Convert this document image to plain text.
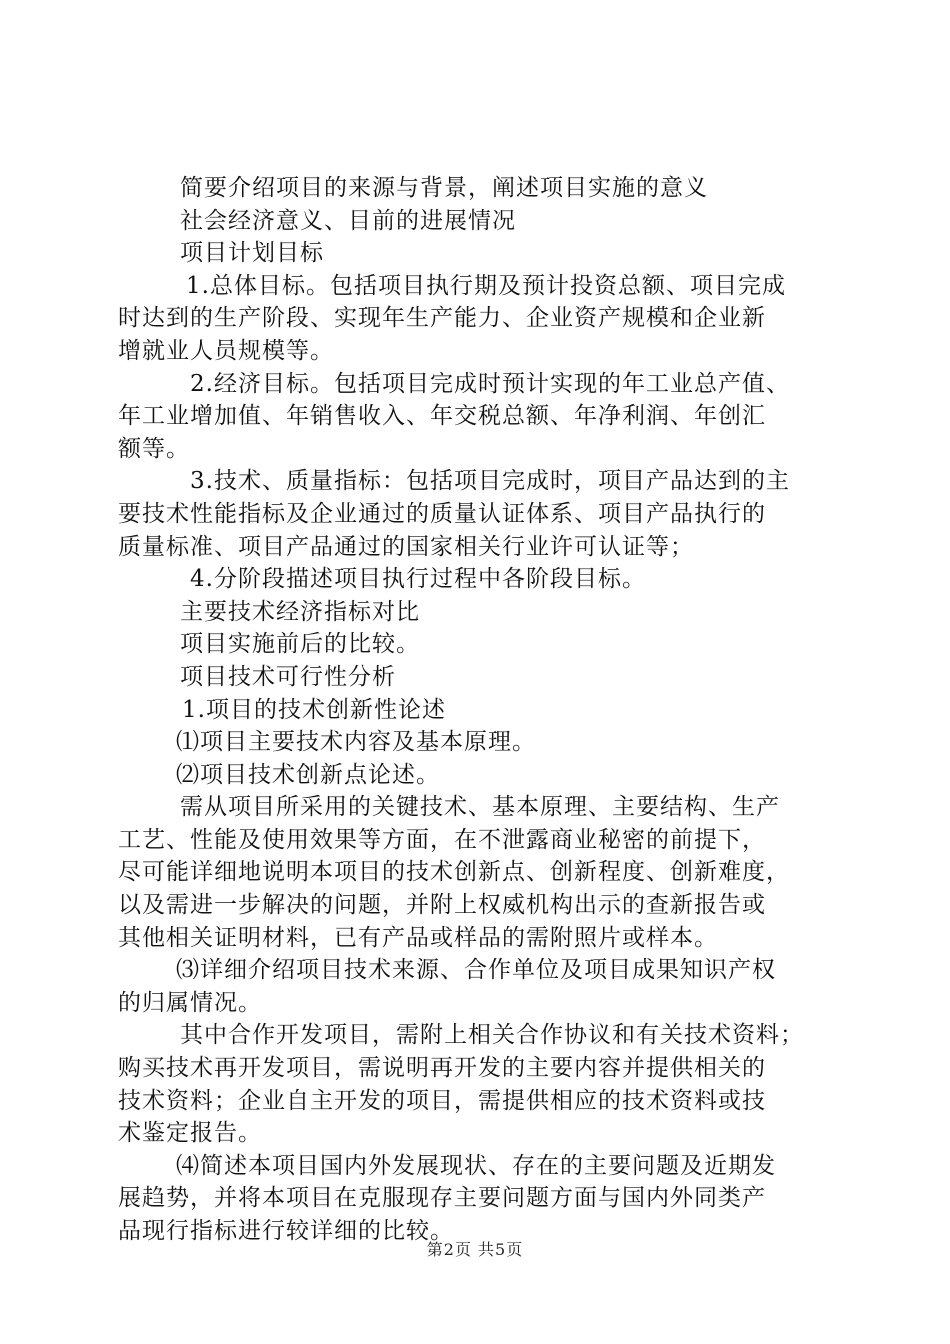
简要介绍项目的来源与背景，阐述项目实施的意义

社会经济意义、目前的进展情况

项目计划目标

1.总体目标。包括项目执行期及预计投资总额、项目完成

时达到的生产阶段、实现年生产能力、企业资产规模和企业新

增就业人员规模等。

2.经济目标。包括项目完成时预计实现的年工业总产值、

年工业增加值、年销售收入、年交税总额、年净利润、年创汇

额等。

3.技术、质量指标：包括项目完成时，项目产品达到的主

要技术性能指标及企业通过的质量认证体系、项目产品执行的

质量标准、项目产品通过的国家相关行业许可认证等；

4.分阶段描述项目执行过程中各阶段目标。

主要技术经济指标对比

项目实施前后的比较。

项目技术可行性分析

1.项目的技术创新性论述

⑴项目主要技术内容及基本原理。

⑵项目技术创新点论述。

需从项目所采用的关键技术、基本原理、主要结构、生产

工艺、性能及使用效果等方面，在不泄露商业秘密的前提下，

尽可能详细地说明本项目的技术创新点、创新程度、创新难度，

以及需进一步解决的问题，并附上权威机构出示的查新报告或

其他相关证明材料，已有产品或样品的需附照片或样本。

⑶详细介绍项目技术来源、合作单位及项目成果知识产权

的归属情况。

其中合作开发项目，需附上相关合作协议和有关技术资料；

购买技术再开发项目，需说明再开发的主要内容并提供相关的

技术资料；企业自主开发的项目，需提供相应的技术资料或技

术鉴定报告。

⑷简述本项目国内外发展现状、存在的主要问题及近期发

展趋势，并将本项目在克服现存主要问题方面与国内外同类产

品现行指标进行较详细的比较。

第2页 共5页
